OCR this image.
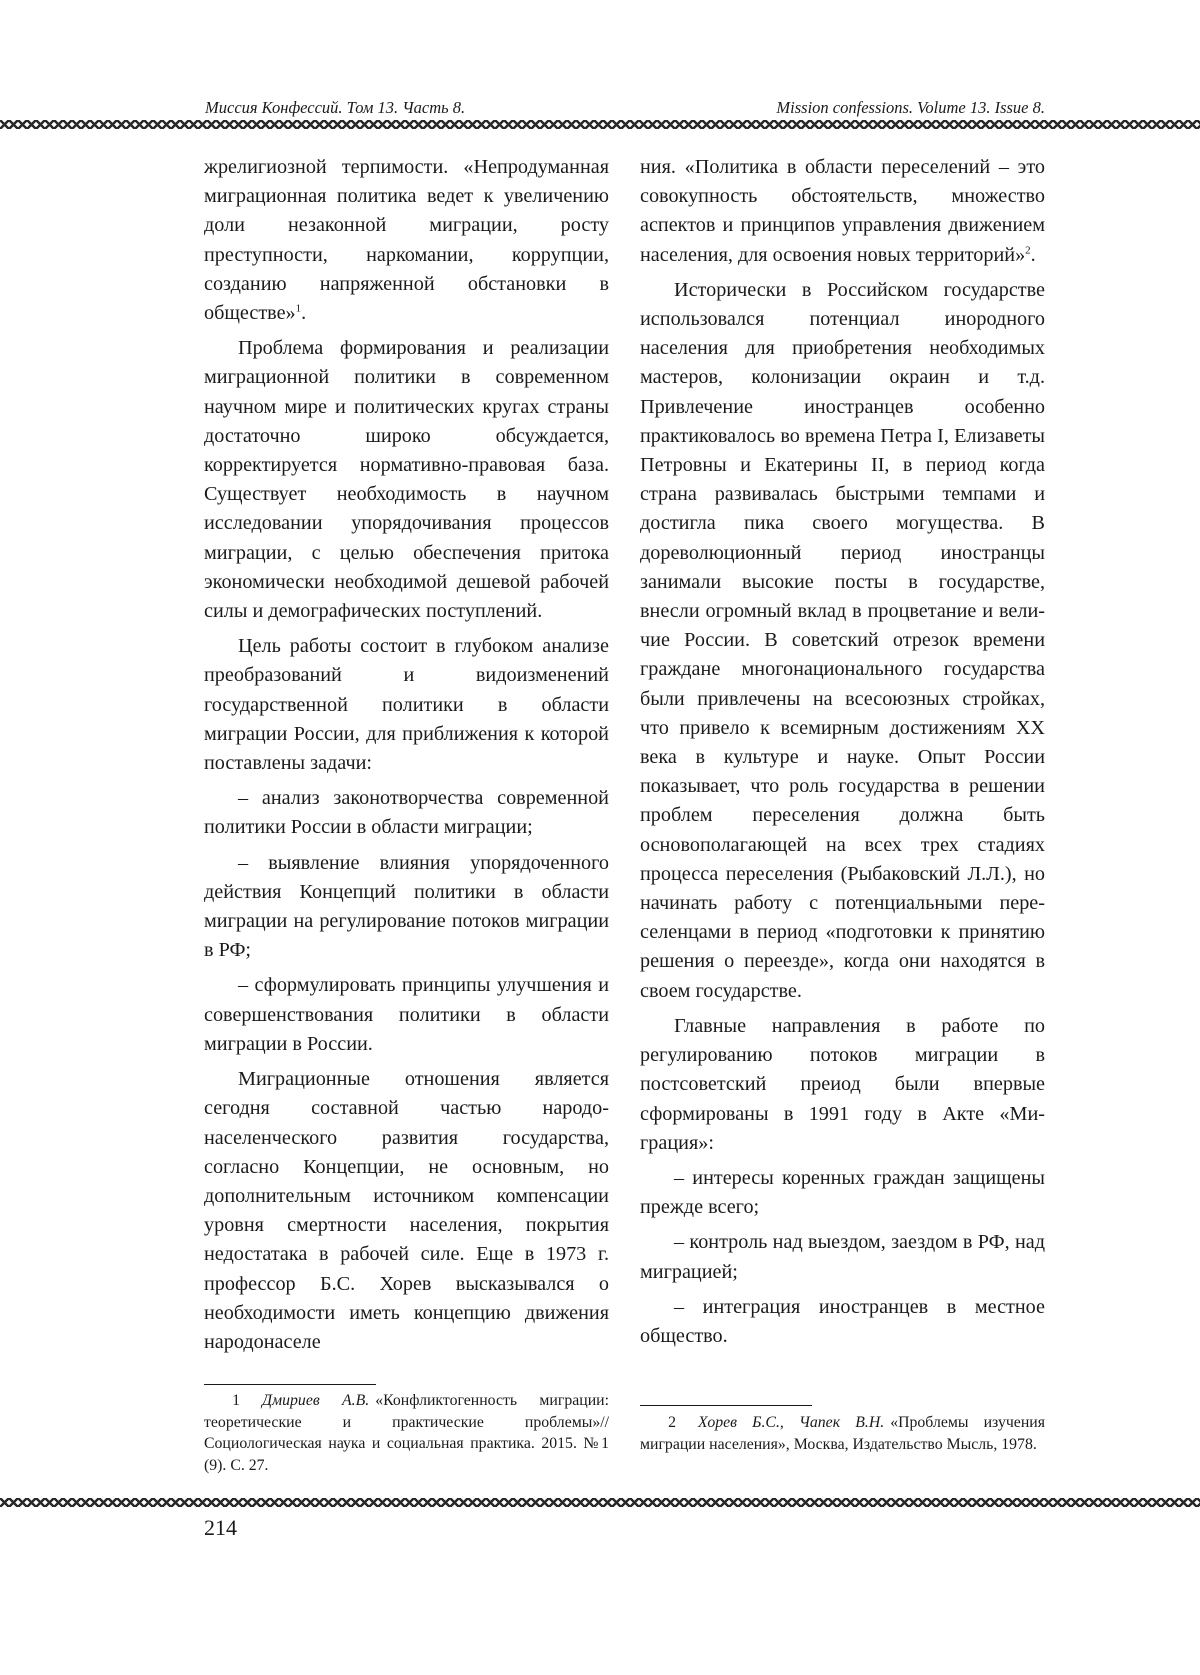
Миссия Конфессий. Том 13. Часть 8.	Mission confessions. Volume 13. Issue 8.

жрелигиозной терпимости. «Непродуманная миграционная политика ведет к увеличению доли незаконной миграции, росту преступности, наркомании, коррупции, созданию напряженной обстановки в обществе»$^1$.

Проблема формирования и реализации миграционной политики в современном научном мире и политических кругах страны достаточно широко обсуждается, корректируется нормативно-правовая база. Существует необходимость в научном исследовании упорядочивания процессов миграции, с целью обеспечения притока экономически необходимой дешевой рабочей силы и демографических поступлений.

Цель работы состоит в глубоком анализе преобразований и видоизменений государственной политики в области миграции России, для приближения к которой поставлены задачи:

– анализ законотворчества современной политики России в области миграции;

– выявление влияния упорядоченного действия Концепций политики в области миграции на регулирование потоков миграции в РФ;

– сформулировать принципы улучшения и совершенствования политики в области миграции в России.

Миграционные отношения является сегодня составной частью народонаселенческого развития государства, согласно Концепции, не основным, но дополнительным источником компенсации уровня смертности населения, покрытия недостатака в рабочей силе. Еще в 1973 г. профессор Б.С. Хорев высказывался о необходимости иметь концепцию движения народонаселе

ния. «Политика в области переселений – это совокупность обстоятельств, множество аспектов и принципов управления движением населения, для освоения новых территорий»$^2$.

Исторически в Российском государстве использовался потенциал инородного населения для приобретения необходимых мастеров, колонизации окраин и т.д. Привлечение иностранцев особенно практиковалось во времена Петра I, Елизаветы Петровны и Екатерины II, в период когда страна развивалась быстрыми темпами и достигла пика своего могущества. В дореволюционный период иностранцы занимали высокие посты в государстве, внесли огромный вклад в процветание и величие России. В советский отрезок времени граждане многонационального государства были привлечены на всесоюзных стройках, что привело к всемирным достижениям XX века в культуре и науке. Опыт России показывает, что роль государства в решении проблем переселения должна быть основополагающей на всех трех стадиях процесса переселения (Рыбаковский Л.Л.), но начинать работу с потенциальными переселенцами в период «подготовки к принятию решения о переезде», когда они находятся в своем государстве.

Главные направления в работе по регулированию потоков миграции в постсоветский преиод были впервые сформированы в 1991 году в Акте «Миграция»:

– интересы коренных граждан защищены прежде всего;

– контроль над выездом, заездом в РФ, над миграцией;

– интеграция иностранцев в местное общество.

1 Дмириев А.В. «Конфликтогенность миграции: теоретические и практические проблемы»//Социологическая наука и социальная практика. 2015. №1 (9). С. 27.
2 Хорев Б.С., Чапек В.Н. «Проблемы изучения миграции населения», Москва, Издательство Мысль, 1978.
214
